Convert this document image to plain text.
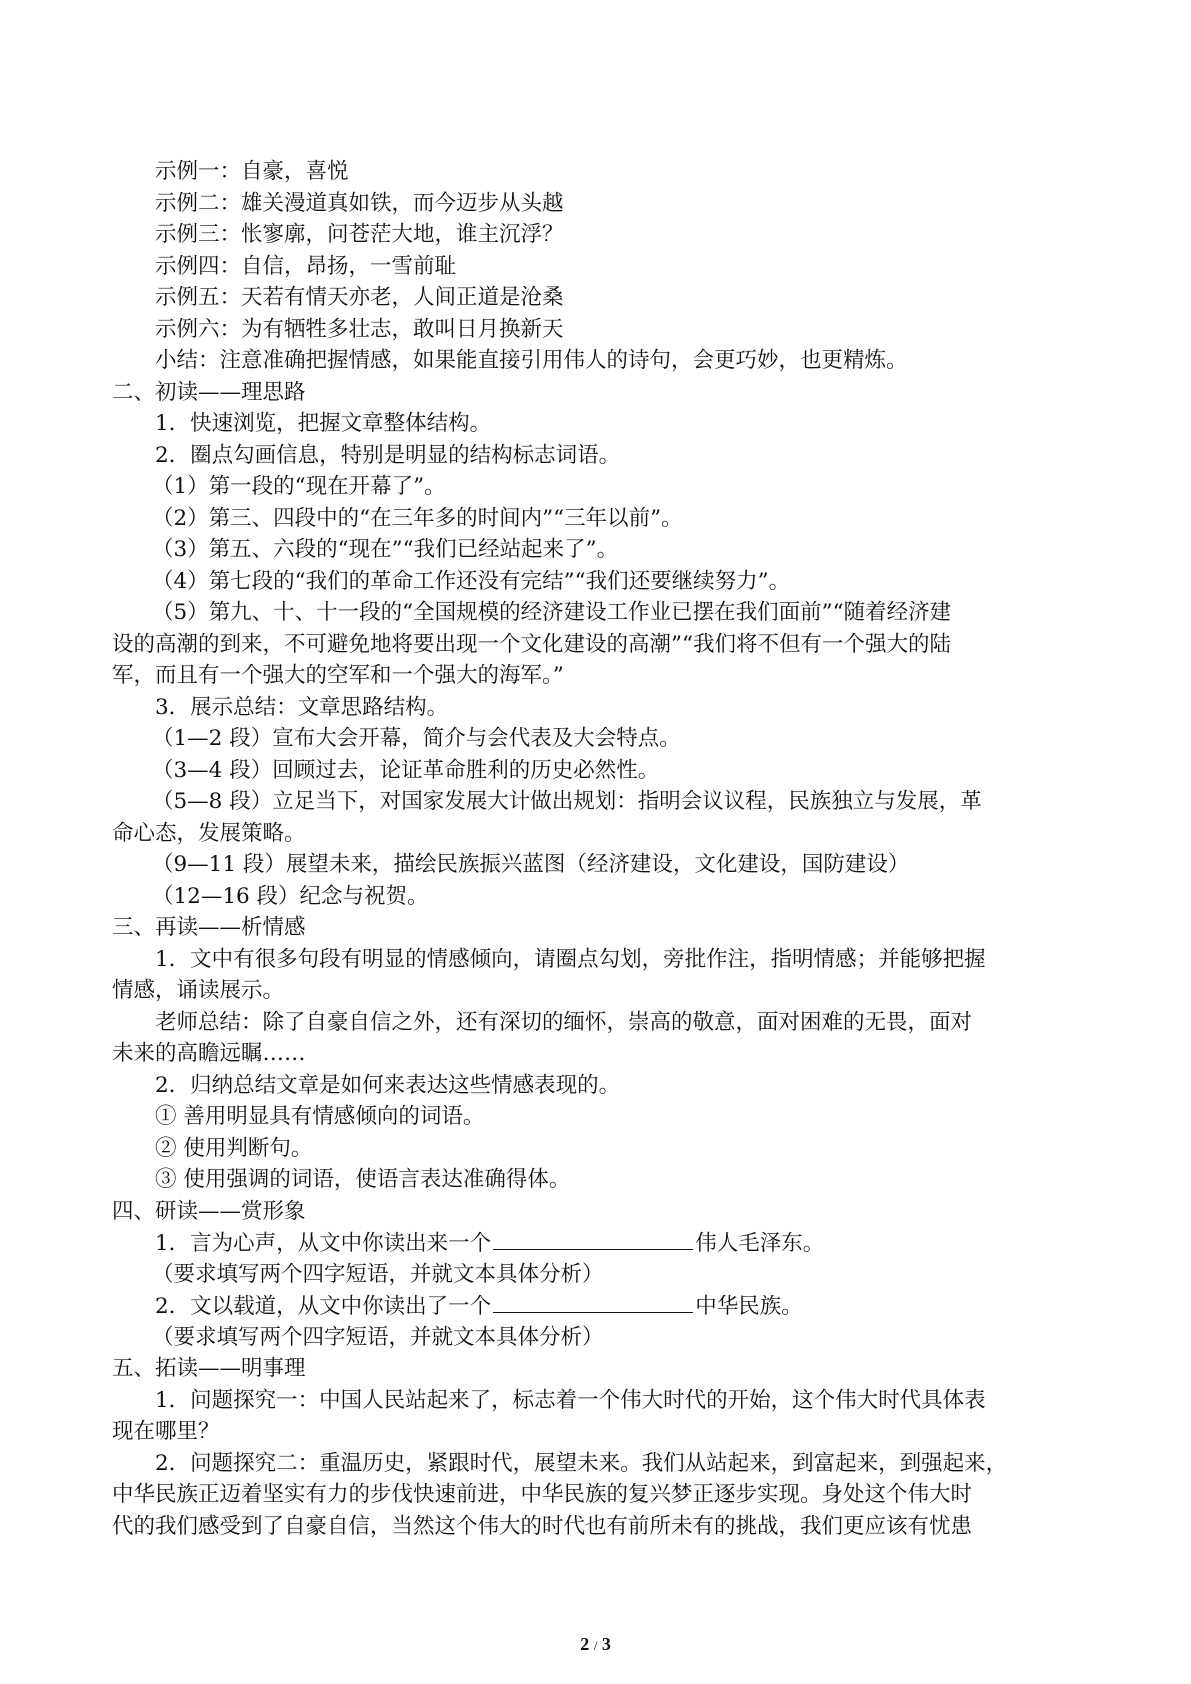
示例一：自豪，喜悦
示例二：雄关漫道真如铁，而今迈步从头越
示例三：怅寥廓，问苍茫大地，谁主沉浮？
示例四：自信，昂扬，一雪前耻
示例五：天若有情天亦老，人间正道是沧桑
示例六：为有牺牲多壮志，敢叫日月换新天
小结：注意准确把握情感，如果能直接引用伟人的诗句，会更巧妙，也更精炼。
二、初读——理思路
1．快速浏览，把握文章整体结构。
2．圈点勾画信息，特别是明显的结构标志词语。
（1）第一段的“现在开幕了”。
（2）第三、四段中的“在三年多的时间内”“三年以前”。
（3）第五、六段的“现在”“我们已经站起来了”。
（4）第七段的“我们的革命工作还没有完结”“我们还要继续努力”。
（5）第九、十、十一段的“全国规模的经济建设工作业已摆在我们面前”“随着经济建
设的高潮的到来，不可避免地将要出现一个文化建设的高潮”“我们将不但有一个强大的陆
军，而且有一个强大的空军和一个强大的海军。”
3．展示总结：文章思路结构。
（1—2 段）宣布大会开幕，简介与会代表及大会特点。
（3—4 段）回顾过去，论证革命胜利的历史必然性。
（5—8 段）立足当下，对国家发展大计做出规划：指明会议议程，民族独立与发展，革
命心态，发展策略。
（9—11 段）展望未来，描绘民族振兴蓝图（经济建设，文化建设，国防建设）
（12—16 段）纪念与祝贺。
三、再读——析情感
1．文中有很多句段有明显的情感倾向，请圈点勾划，旁批作注，指明情感；并能够把握
情感，诵读展示。
老师总结：除了自豪自信之外，还有深切的缅怀，崇高的敬意，面对困难的无畏，面对
未来的高瞻远瞩……
2．归纳总结文章是如何来表达这些情感表现的。
① 善用明显具有情感倾向的词语。
② 使用判断句。
③ 使用强调的词语，使语言表达准确得体。
四、研读——赏形象
1．言为心声，从文中你读出来一个	伟人毛泽东。
（要求填写两个四字短语，并就文本具体分析）
2．文以载道，从文中你读出了一个	中华民族。
（要求填写两个四字短语，并就文本具体分析）
五、拓读——明事理
1．问题探究一：中国人民站起来了，标志着一个伟大时代的开始，这个伟大时代具体表
现在哪里？
2．问题探究二：重温历史，紧跟时代，展望未来。我们从站起来，到富起来，到强起来，
中华民族正迈着坚实有力的步伐快速前进，中华民族的复兴梦正逐步实现。身处这个伟大时
代的我们感受到了自豪自信，当然这个伟大的时代也有前所未有的挑战，我们更应该有忧患
2 / 3
